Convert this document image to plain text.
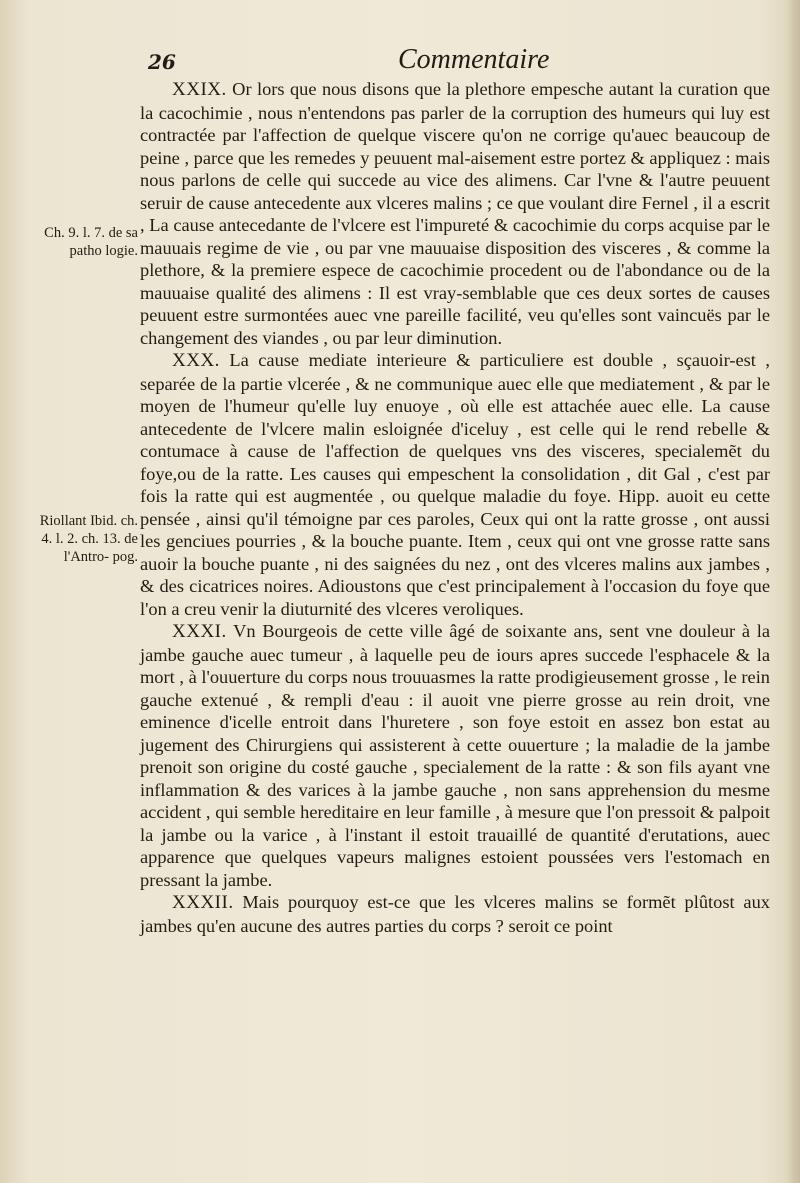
26	Commentaire
Ch. 9. l. 7. de sa patho logie.
Riollant Ibid. ch. 4. l. 2. ch. 13. de l'Antro- pog.

XXIX. Or lors que nous disons que la plethore empesche autant la curation que la cacochimie , nous n'entendons pas parler de la corruption des humeurs qui luy est contractée par l'affection de quelque viscere qu'on ne corrige qu'auec beaucoup de peine , parce que les remedes y peuuent mal-aisement estre portez & appliquez : mais nous parlons de celle qui succede au vice des alimens. Car l'vne & l'autre peuuent seruir de cause antecedente aux vlceres malins ; ce que voulant dire Fernel , il a escrit , La cause antecedante de l'vlcere est l'impureté & cacochimie du corps acquise par le mauuais regime de vie , ou par vne mauuaise disposition des visceres , & comme la plethore, & la premiere espece de cacochimie procedent ou de l'abondance ou de la mauuaise qualité des alimens : Il est vray-semblable que ces deux sortes de causes peuuent estre surmontées auec vne pareille facilité, veu qu'elles sont vaincuës par le changement des viandes , ou par leur diminution.

XXX. La cause mediate interieure & particuliere est double , sçauoir-est , separée de la partie vlcerée , & ne communique auec elle que mediatement , & par le moyen de l'humeur qu'elle luy enuoye , où elle est attachée auec elle. La cause antecedente de l'vlcere malin esloignée d'iceluy , est celle qui le rend rebelle & contumace à cause de l'affection de quelques vns des visceres, specialemẽt du foye,ou de la ratte. Les causes qui empeschent la consolidation , dit Gal , c'est par fois la ratte qui est augmentée , ou quelque maladie du foye. Hipp. auoit eu cette pensée , ainsi qu'il témoigne par ces paroles, Ceux qui ont la ratte grosse , ont aussi les genciues pourries , & la bouche puante. Item , ceux qui ont vne grosse ratte sans auoir la bouche puante , ni des saignées du nez , ont des vlceres malins aux jambes , & des cicatrices noires. Adioustons que c'est principalement à l'occasion du foye que l'on a creu venir la diuturnité des vlceres veroliques.

XXXI. Vn Bourgeois de cette ville âgé de soixante ans, sent vne douleur à la jambe gauche auec tumeur , à laquelle peu de iours apres succede l'esphacele & la mort , à l'ouuerture du corps nous trouuasmes la ratte prodigieusement grosse , le rein gauche extenué , & rempli d'eau : il auoit vne pierre grosse au rein droit, vne eminence d'icelle entroit dans l'huretere , son foye estoit en assez bon estat au jugement des Chirurgiens qui assisterent à cette ouuerture ; la maladie de la jambe prenoit son origine du costé gauche , specialement de la ratte : & son fils ayant vne inflammation & des varices à la jambe gauche , non sans apprehension du mesme accident , qui semble hereditaire en leur famille , à mesure que l'on pressoit & palpoit la jambe ou la varice , à l'instant il estoit trauaillé de quantité d'erutations, auec apparence que quelques vapeurs malignes estoient poussées vers l'estomach en pressant la jambe.

XXXII. Mais pourquoy est-ce que les vlceres malins se formẽt plûtost aux jambes qu'en aucune des autres parties du corps ? seroit ce point
